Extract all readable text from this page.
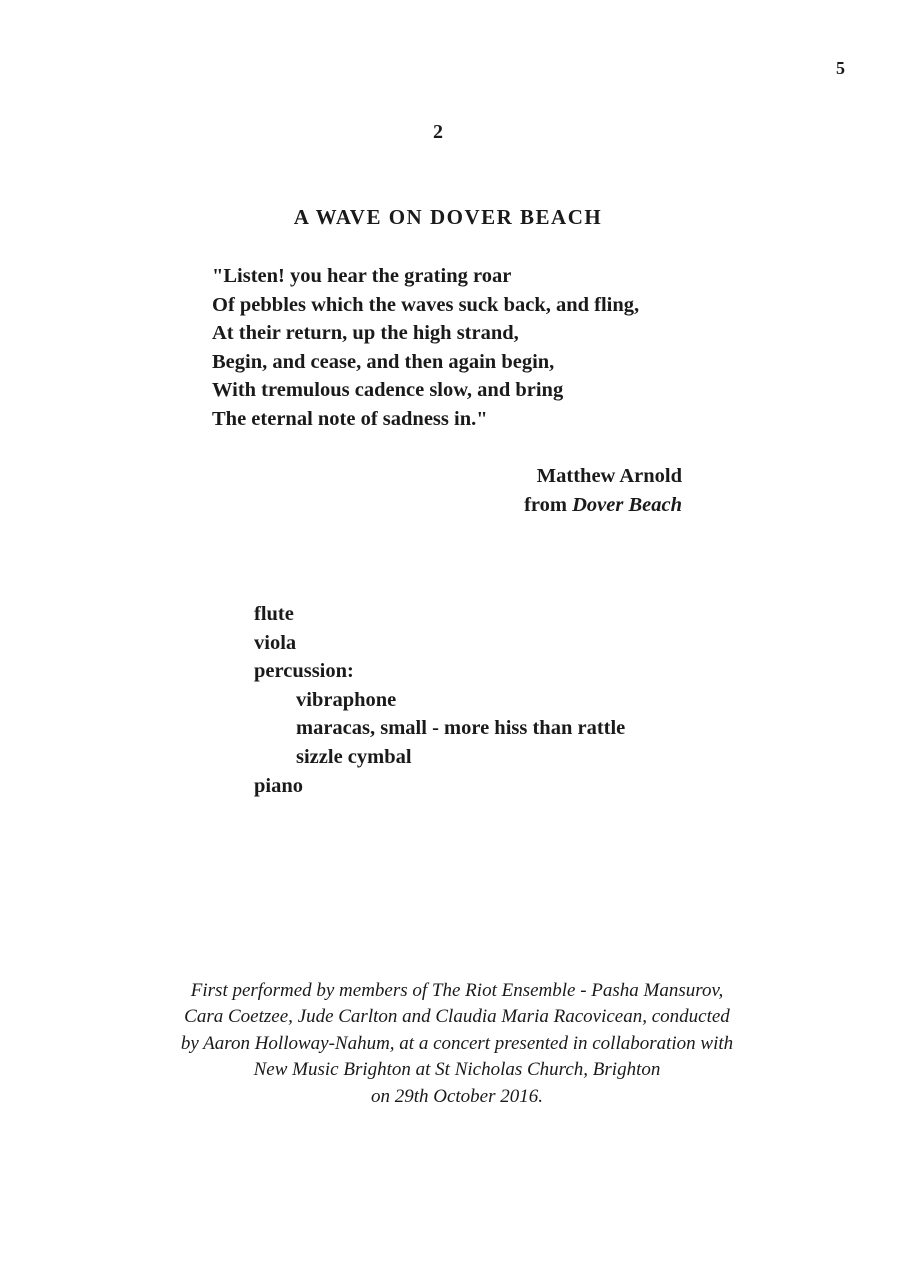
5
2
A WAVE ON DOVER BEACH
"Listen! you hear the grating roar
Of pebbles which the waves suck back, and fling,
At their return, up the high strand,
Begin, and cease, and then again begin,
With tremulous cadence slow, and bring
The eternal note of sadness in."
Matthew Arnold
from Dover Beach
flute
viola
percussion:
vibraphone
maracas, small - more hiss than rattle
sizzle cymbal
piano
First performed by members of The Riot Ensemble - Pasha Mansurov,
Cara Coetzee, Jude Carlton and Claudia Maria Racovicean, conducted
by Aaron Holloway-Nahum, at a concert presented in collaboration with
New Music Brighton at St Nicholas Church, Brighton
on 29th October 2016.
